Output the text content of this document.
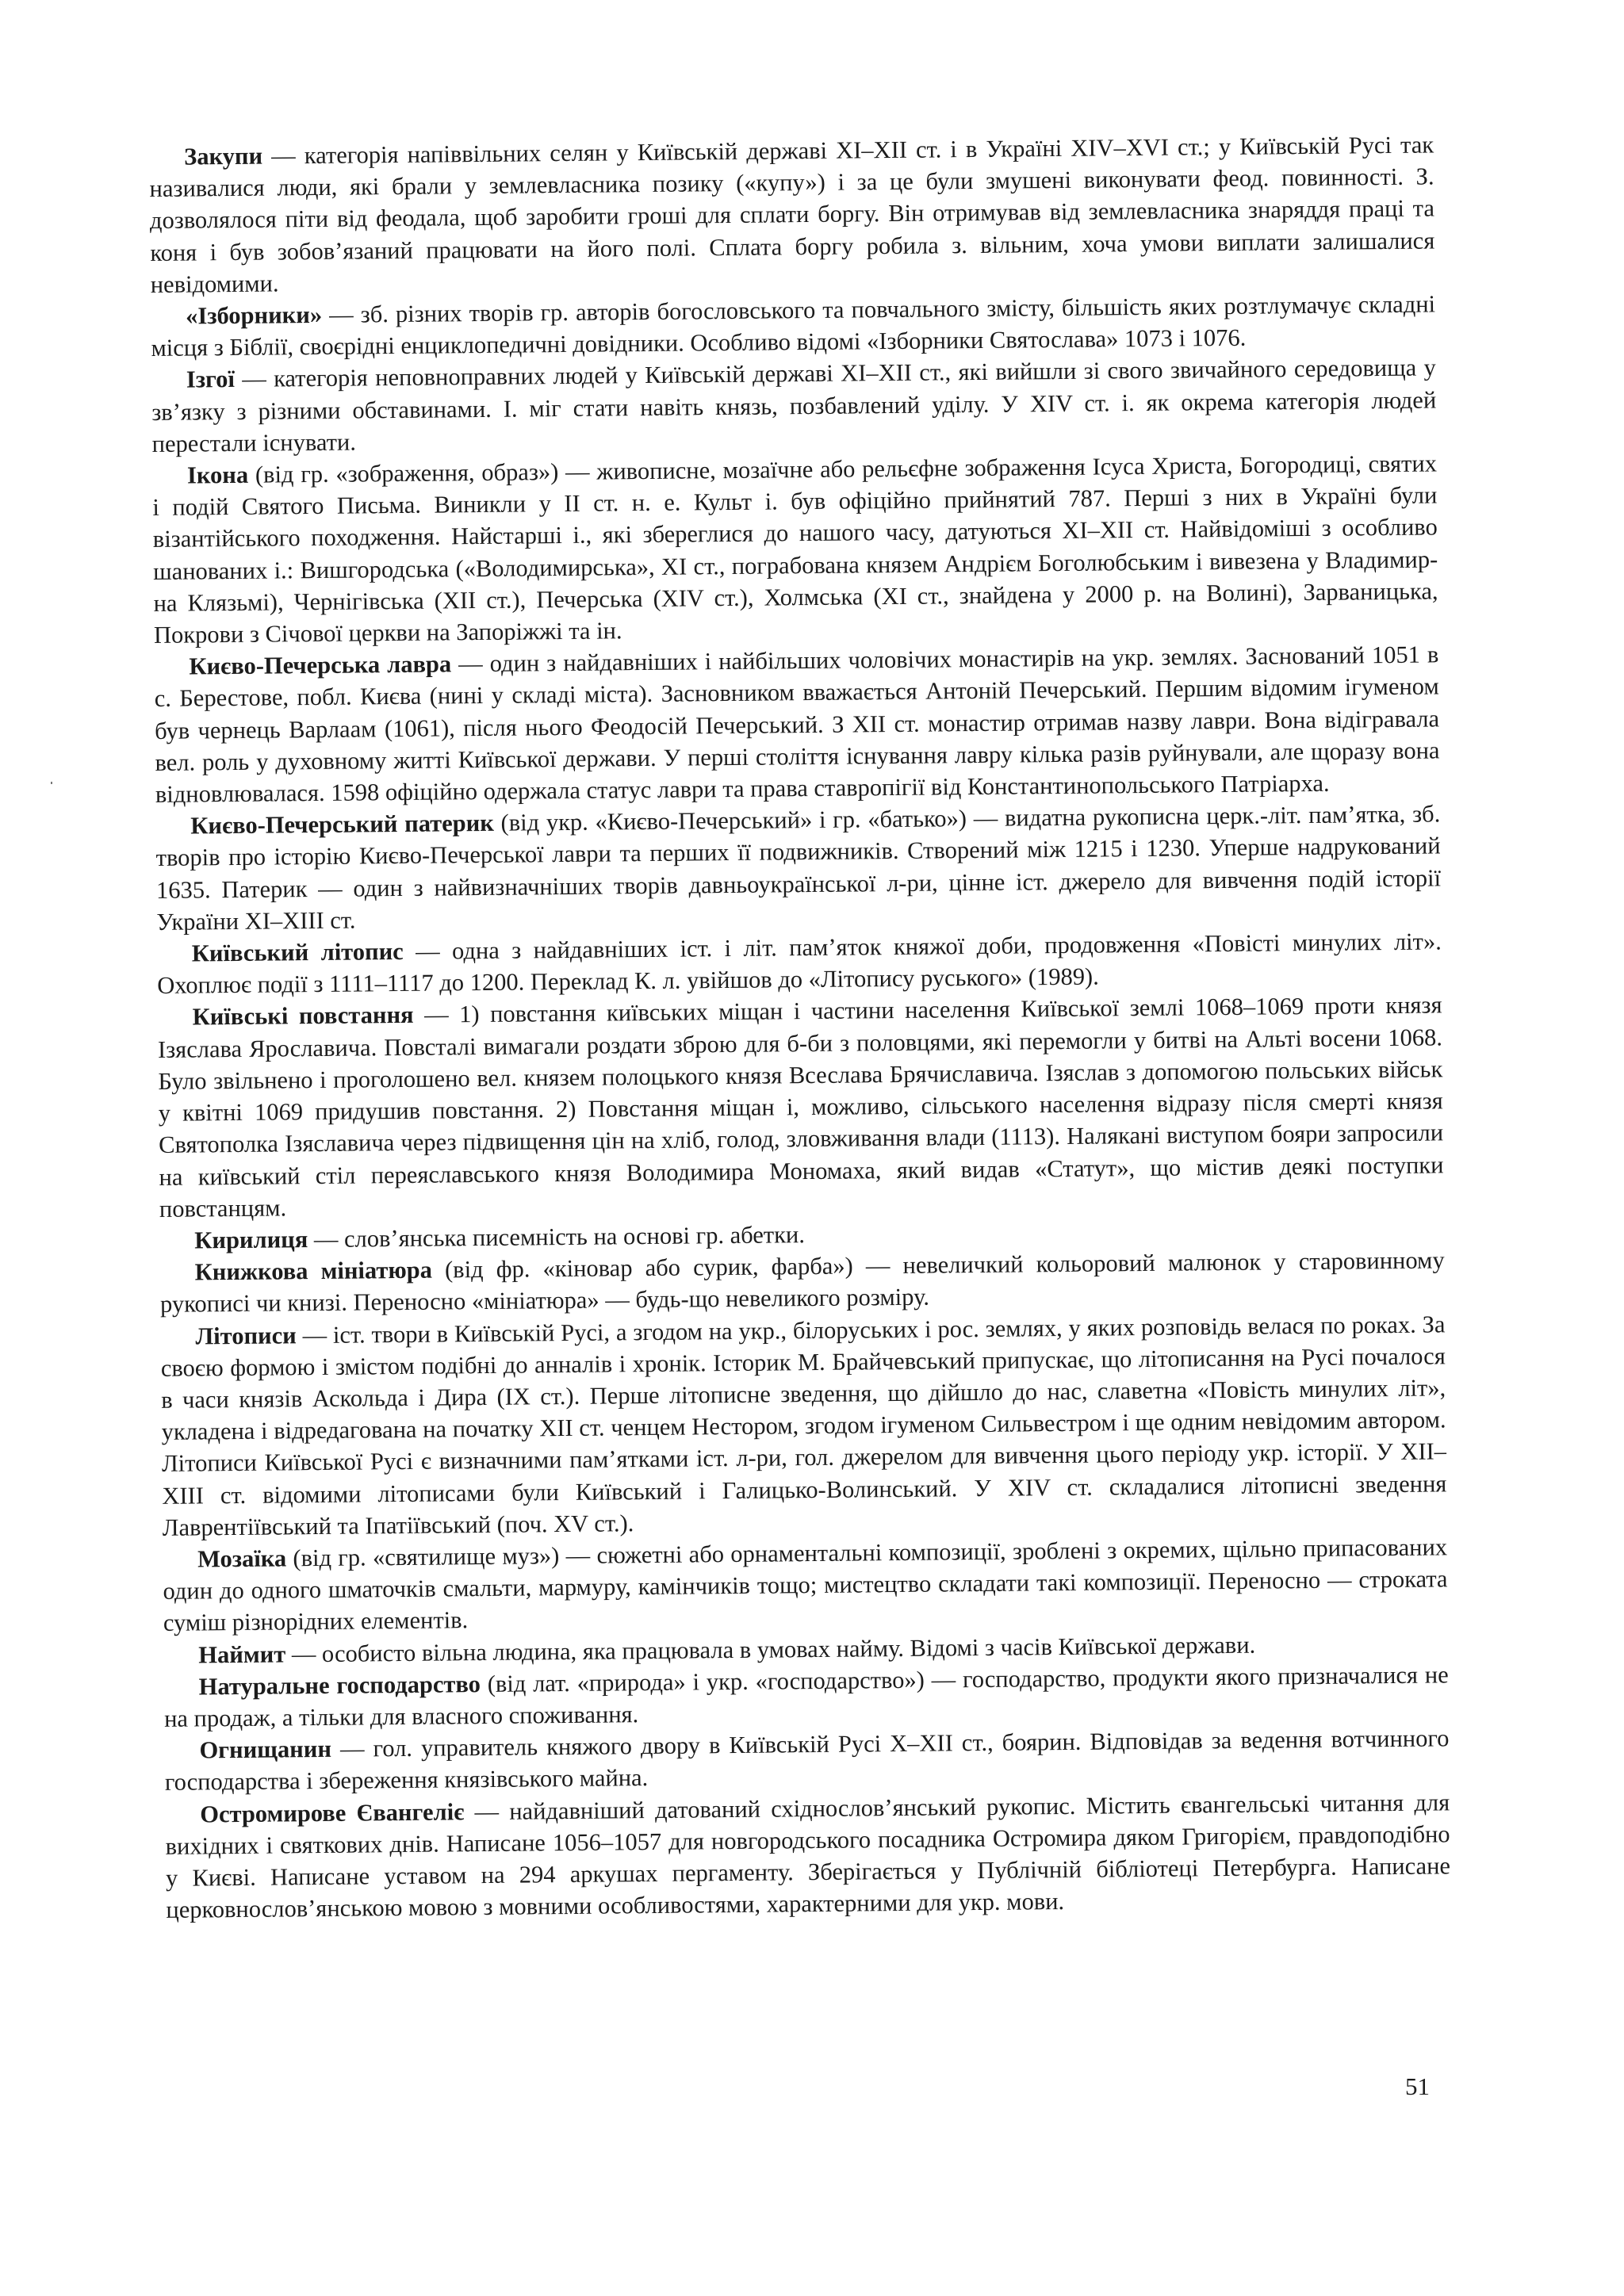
Закупи — категорія напіввільних селян у Київській державі XI–XII ст. і в Україні XIV–XVI ст.; у Київській Русі так називалися люди, які брали у землевласника позику («купу») і за це були змушені виконувати феод. повинності. З. дозволялося піти від феодала, щоб заробити гроші для сплати боргу. Він отримував від землевласника знаряддя праці та коня і був зобов’язаний працювати на його полі. Сплата боргу робила з. вільним, хоча умови виплати залишалися невідомими.

«Ізборники» — зб. різних творів гр. авторів богословського та повчального змісту, більшість яких розтлумачує складні місця з Біблії, своєрідні енциклопедичні довідники. Особливо відомі «Ізборники Святослава» 1073 і 1076.

Ізгої — категорія неповноправних людей у Київській державі XI–XII ст., які вийшли зі свого звичайного середовища у зв’язку з різними обставинами. І. міг стати навіть князь, позбавлений уділу. У XIV ст. і. як окрема категорія людей перестали існувати.

Ікона (від гр. «зображення, образ») — живописне, мозаїчне або рельєфне зображення Ісуса Христа, Богородиці, святих і подій Святого Письма. Виникли у II ст. н. е. Культ і. був офіційно прийнятий 787. Перші з них в Україні були візантійського походження. Найстарші і., які збереглися до нашого часу, датуються XI–XII ст. Найвідоміші з особливо шанованих і.: Вишгородська («Володимирська», XI ст., пограбована князем Андрієм Боголюбським і вивезена у Владимир-на Клязьмі), Чернігівська (XII ст.), Печерська (XIV ст.), Холмська (XI ст., знайдена у 2000 р. на Волині), Зарваницька, Покрови з Січової церкви на Запоріжжі та ін.

Києво-Печерська лавра — один з найдавніших і найбільших чоловічих монастирів на укр. землях. Заснований 1051 в с. Берестове, побл. Києва (нині у складі міста). Засновником вважається Антоній Печерський. Першим відомим ігуменом був чернець Варлаам (1061), після нього Феодосій Печерський. З XII ст. монастир отримав назву лаври. Вона відігравала вел. роль у духовному житті Київської держави. У перші століття існування лавру кілька разів руйнували, але щоразу вона відновлювалася. 1598 офіційно одержала статус лаври та права ставропігії від Константинопольського Патріарха.

Києво-Печерський патерик (від укр. «Києво-Печерський» і гр. «батько») — видатна рукописна церк.-літ. пам’ятка, зб. творів про історію Києво-Печерської лаври та перших її подвижників. Створений між 1215 і 1230. Уперше надрукований 1635. Патерик — один з найвизначніших творів давньоукраїнської л-ри, цінне іст. джерело для вивчення подій історії України XI–XIII ст.

Київський літопис — одна з найдавніших іст. і літ. пам’яток княжої доби, продовження «Повісті минулих літ». Охоплює події з 1111–1117 до 1200. Переклад К. л. увійшов до «Літопису руського» (1989).

Київські повстання — 1) повстання київських міщан і частини населення Київської землі 1068–1069 проти князя Ізяслава Ярославича. Повсталі вимагали роздати зброю для б-би з половцями, які перемогли у битві на Альті восени 1068. Було звільнено і проголошено вел. князем полоцького князя Всеслава Брячиславича. Ізяслав з допомогою польських військ у квітні 1069 придушив повстання. 2) Повстання міщан і, можливо, сільського населення відразу після смерті князя Святополка Ізяславича через підвищення цін на хліб, голод, зловживання влади (1113). Налякані виступом бояри запросили на київський стіл переяславського князя Володимира Мономаха, який видав «Статут», що містив деякі поступки повстанцям.

Кирилиця — слов’янська писемність на основі гр. абетки.

Книжкова мініатюра (від фр. «кіновар або сурик, фарба») — невеличкий кольоровий малюнок у старовинному рукописі чи книзі. Переносно «мініатюра» — будь-що невеликого розміру.

Літописи — іст. твори в Київській Русі, а згодом на укр., білоруських і рос. землях, у яких розповідь велася по роках. За своєю формою і змістом подібні до анналів і хронік. Історик М. Брайчевський припускає, що літописання на Русі почалося в часи князів Аскольда і Дира (IX ст.). Перше літописне зведення, що дійшло до нас, славетна «Повість минулих літ», укладена і відредагована на початку XII ст. ченцем Нестором, згодом ігуменом Сильвестром і ще одним невідомим автором. Літописи Київської Русі є визначними пам’ятками іст. л-ри, гол. джерелом для вивчення цього періоду укр. історії. У XII–XIII ст. відомими літописами були Київський і Галицько-Волинський. У XIV ст. складалися літописні зведення Лаврентіївський та Іпатіївський (поч. XV ст.).

Мозаїка (від гр. «святилище муз») — сюжетні або орнаментальні композиції, зроблені з окремих, щільно припасованих один до одного шматочків смальти, мармуру, камінчиків тощо; мистецтво складати такі композиції. Переносно — строката суміш різнорідних елементів.

Наймит — особисто вільна людина, яка працювала в умовах найму. Відомі з часів Київської держави.

Натуральне господарство (від лат. «природа» і укр. «господарство») — господарство, продукти якого призначалися не на продаж, а тільки для власного споживання.

Огнищанин — гол. управитель княжого двору в Київській Русі X–XII ст., боярин. Відповідав за ведення вотчинного господарства і збереження князівського майна.

Остромирове Євангеліє — найдавніший датований східнослов’янський рукопис. Містить євангельські читання для вихідних і святкових днів. Написане 1056–1057 для новгородського посадника Остромира дяком Григорієм, правдоподібно у Києві. Написане уставом на 294 аркушах пергаменту. Зберігається у Публічній бібліотеці Петербурга. Написане церковнослов’янською мовою з мовними особливостями, характерними для укр. мови.

51
